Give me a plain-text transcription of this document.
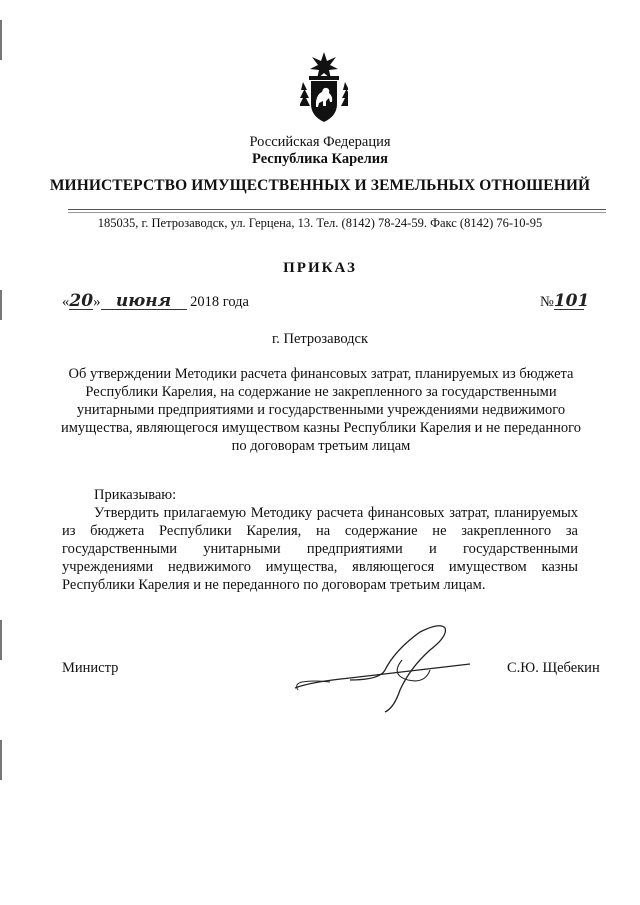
Российская Федерация
Республика Карелия
МИНИСТЕРСТВО ИМУЩЕСТВЕННЫХ И ЗЕМЕЛЬНЫХ ОТНОШЕНИЙ
185035, г. Петрозаводск, ул. Герцена, 13. Тел. (8142) 78-24-59. Факс (8142) 76-10-95
ПРИКАЗ
«20» июня 2018 года	№101
г. Петрозаводск
Об утверждении Методики расчета финансовых затрат, планируемых из бюджета Республики Карелия, на содержание не закрепленного за государственными унитарными предприятиями и государственными учреждениями недвижимого имущества, являющегося имуществом казны Республики Карелия и не переданного по договорам третьим лицам

Приказываю:

Утвердить прилагаемую Методику расчета финансовых затрат, планируемых из бюджета Республики Карелия, на содержание не закрепленного за государственными унитарными предприятиями и государственными учреждениями недвижимого имущества, являющегося имуществом казны Республики Карелия и не переданного по договорам третьим лицам.

Министр	С.Ю. Щебекин
